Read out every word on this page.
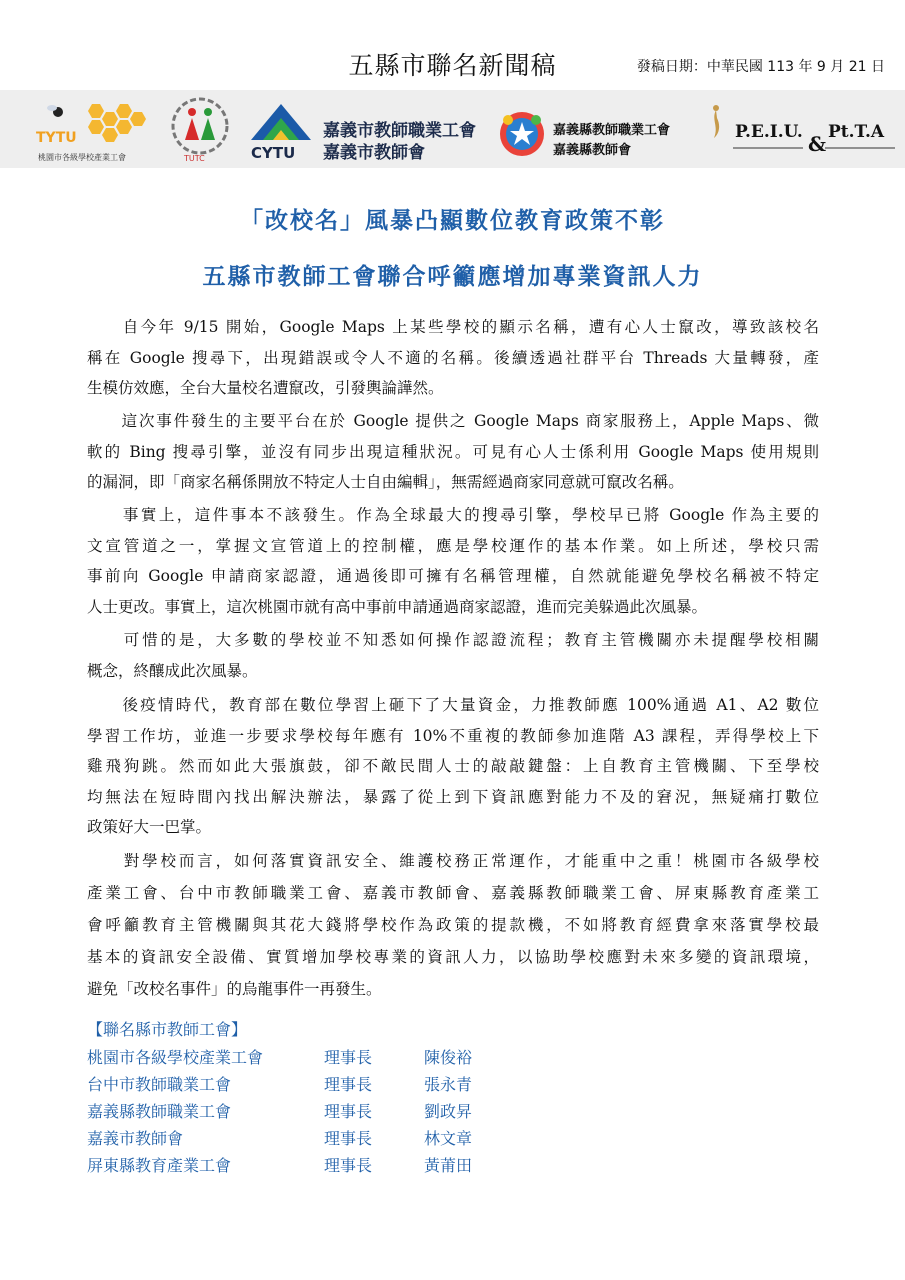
五縣市聯名新聞稿	發稿日期：中華民國 113 年 9 月 21 日
TYTU
桃園市各級學校產業工會	TUTC	CYTU
嘉義市教師職業工會
嘉義市教師會
嘉義縣教師職業工會
嘉義縣教師會
P.E.I.U. & Pt.T.A
「改校名」風暴凸顯數位教育政策不彰
五縣市教師工會聯合呼籲應增加專業資訊人力
　　自今年 9/15 開始，Google Maps 上某些學校的顯示名稱，遭有心人士竄改，導致該校名
稱在 Google 搜尋下，出現錯誤或令人不適的名稱。後續透過社群平台 Threads 大量轉發，產
生模仿效應，全台大量校名遭竄改，引發輿論譁然。
　　這次事件發生的主要平台在於 Google 提供之 Google Maps 商家服務上，Apple Maps、微
軟的 Bing 搜尋引擎，並沒有同步出現這種狀況。可見有心人士係利用 Google Maps 使用規則
的漏洞，即「商家名稱係開放不特定人士自由編輯」，無需經過商家同意就可竄改名稱。
　　事實上，這件事本不該發生。作為全球最大的搜尋引擎，學校早已將 Google 作為主要的
文宣管道之一，掌握文宣管道上的控制權，應是學校運作的基本作業。如上所述，學校只需
事前向 Google 申請商家認證，通過後即可擁有名稱管理權，自然就能避免學校名稱被不特定
人士更改。事實上，這次桃園市就有高中事前申請通過商家認證，進而完美躲過此次風暴。
　　可惜的是，大多數的學校並不知悉如何操作認證流程；教育主管機關亦未提醒學校相關
概念，終釀成此次風暴。
　　後疫情時代，教育部在數位學習上砸下了大量資金，力推教師應 100%通過 A1、A2 數位
學習工作坊，並進一步要求學校每年應有 10%不重複的教師參加進階 A3 課程，弄得學校上下
雞飛狗跳。然而如此大張旗鼓，卻不敵民間人士的敲敲鍵盤：上自教育主管機關、下至學校
均無法在短時間內找出解決辦法，暴露了從上到下資訊應對能力不及的窘況，無疑痛打數位
政策好大一巴掌。
　　對學校而言，如何落實資訊安全、維護校務正常運作，才能重中之重！桃園市各級學校
產業工會、台中市教師職業工會、嘉義市教師會、嘉義縣教師職業工會、屏東縣教育產業工
會呼籲教育主管機關與其花大錢將學校作為政策的提款機，不如將教育經費拿來落實學校最
基本的資訊安全設備、實質增加學校專業的資訊人力，以協助學校應對未來多變的資訊環境，
避免「改校名事件」的烏龍事件一再發生。
【聯名縣市教師工會】
桃園市各級學校產業工會	理事長	陳俊裕
台中市教師職業工會	理事長	張永青
嘉義縣教師職業工會	理事長	劉政昇
嘉義市教師會	理事長	林文章
屏東縣教育產業工會	理事長	黃莆田
